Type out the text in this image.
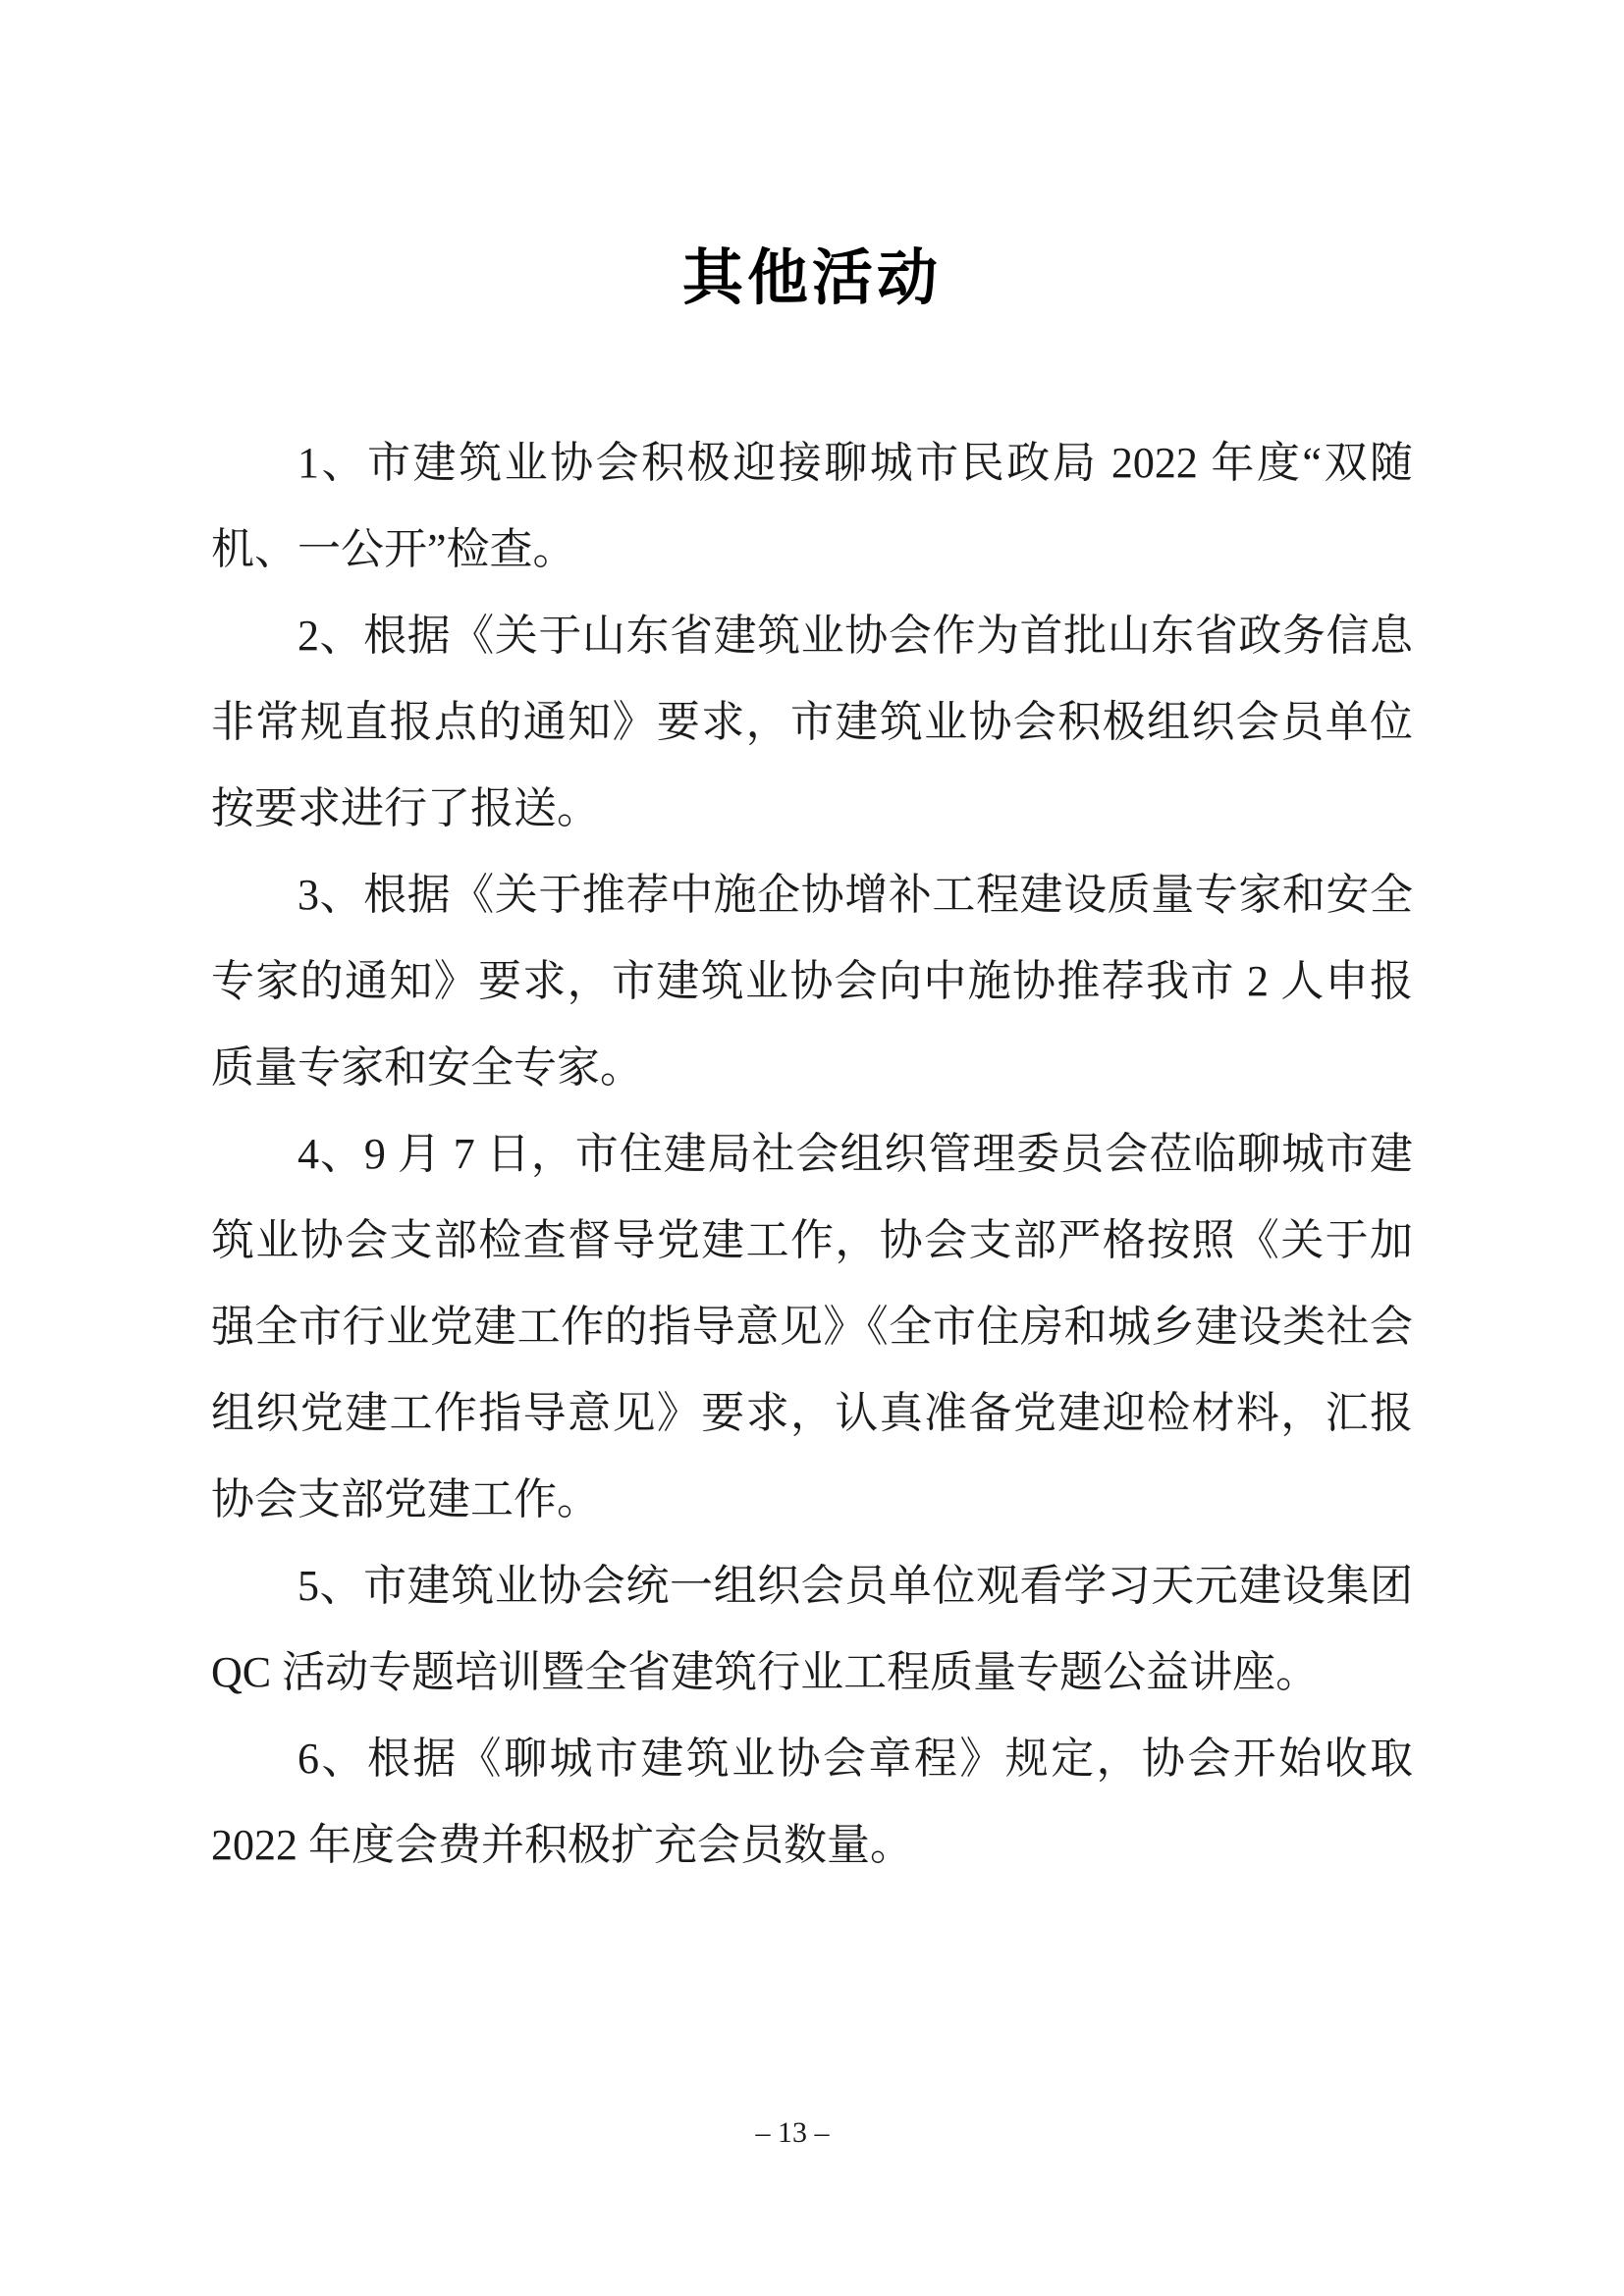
其他活动

1、市建筑业协会积极迎接聊城市民政局 2022 年度“双随机、一公开”检查。

2、根据《关于山东省建筑业协会作为首批山东省政务信息非常规直报点的通知》要求，市建筑业协会积极组织会员单位按要求进行了报送。

3、根据《关于推荐中施企协增补工程建设质量专家和安全专家的通知》要求，市建筑业协会向中施协推荐我市 2 人申报质量专家和安全专家。

4、9 月 7 日，市住建局社会组织管理委员会莅临聊城市建筑业协会支部检查督导党建工作，协会支部严格按照《关于加强全市行业党建工作的指导意见》《全市住房和城乡建设类社会组织党建工作指导意见》要求，认真准备党建迎检材料，汇报协会支部党建工作。

5、市建筑业协会统一组织会员单位观看学习天元建设集团QC 活动专题培训暨全省建筑行业工程质量专题公益讲座。

6、根据《聊城市建筑业协会章程》规定，协会开始收取 2022 年度会费并积极扩充会员数量。

– 13 –
